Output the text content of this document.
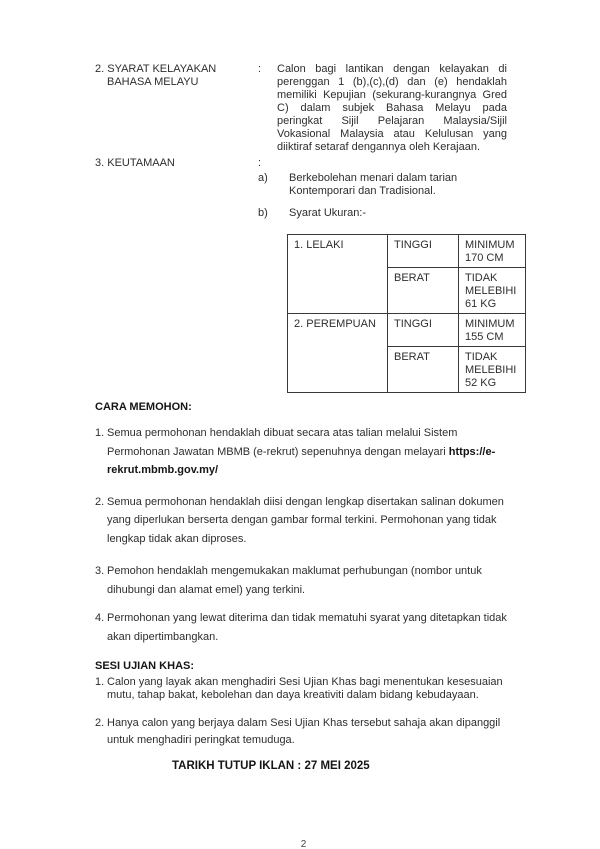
2. SYARAT KELAYAKAN
BAHASA MELAYU
:	Calon bagi lantikan dengan kelayakan di perenggan 1 (b),(c),(d) dan (e) hendaklah memiliki Kepujian (sekurang-kurangnya Gred C) dalam subjek Bahasa Melayu pada peringkat Sijil Pelajaran Malaysia/Sijil Vokasional Malaysia atau Kelulusan yang diiktiraf setaraf dengannya oleh Kerajaan.
3. KEUTAMAAN	:
a)	Berkebolehan menari dalam tarian Kontemporari dan Tradisional.
b)	Syarat Ukuran:-
1. LELAKI	TINGGI	MINIMUM 170 CM
	BERAT	TIDAK MELEBIHI 61 KG
2. PEREMPUAN	TINGGI	MINIMUM 155 CM
	BERAT	TIDAK MELEBIHI 52 KG
CARA MEMOHON:
1. Semua permohonan hendaklah dibuat secara atas talian melalui Sistem Permohonan Jawatan MBMB (e-rekrut) sepenuhnya dengan melayari https://e-rekrut.mbmb.gov.my/
2. Semua permohonan hendaklah diisi dengan lengkap disertakan salinan dokumen yang diperlukan berserta dengan gambar formal terkini. Permohonan yang tidak lengkap tidak akan diproses.
3. Pemohon hendaklah mengemukakan maklumat perhubungan (nombor untuk dihubungi dan alamat emel) yang terkini.
4. Permohonan yang lewat diterima dan tidak mematuhi syarat yang ditetapkan tidak akan dipertimbangkan.
SESI UJIAN KHAS:
1. Calon yang layak akan menghadiri Sesi Ujian Khas bagi menentukan kesesuaian mutu, tahap bakat, kebolehan dan daya kreativiti dalam bidang kebudayaan.
2. Hanya calon yang berjaya dalam Sesi Ujian Khas tersebut sahaja akan dipanggil untuk menghadiri peringkat temuduga.
TARIKH TUTUP IKLAN : 27 MEI 2025
2
